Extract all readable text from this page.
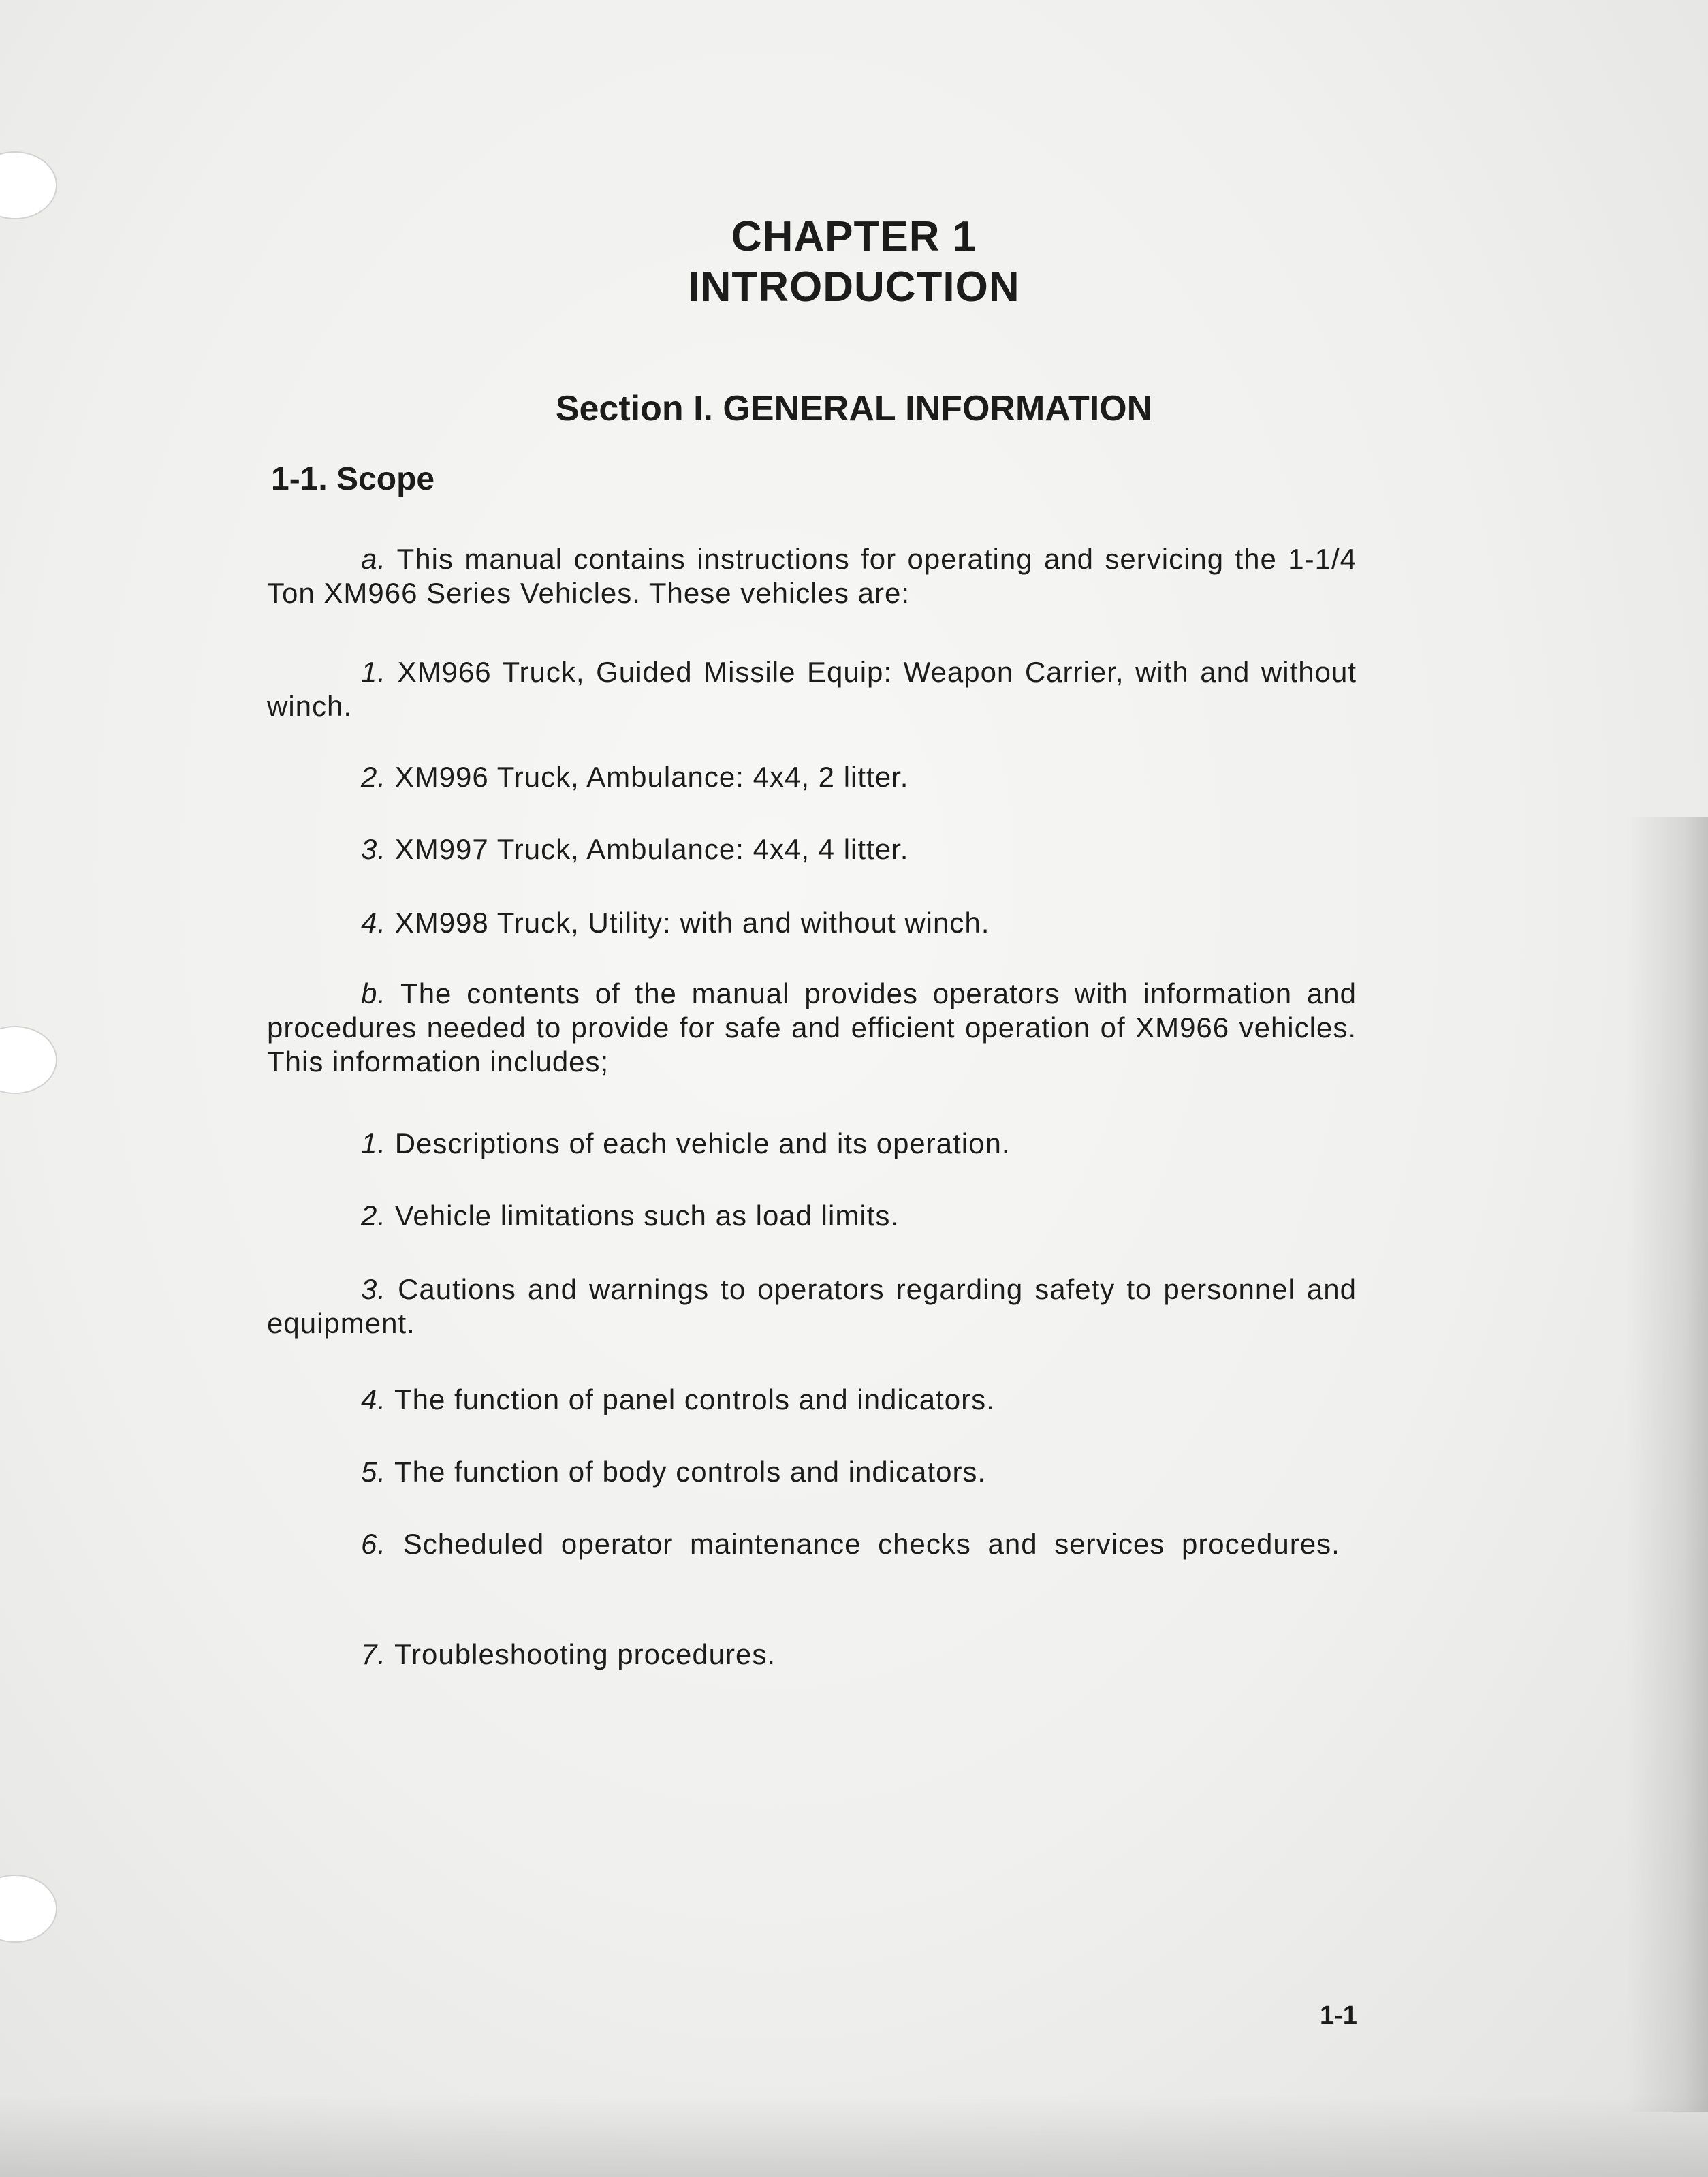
CHAPTER 1
INTRODUCTION
Section I. GENERAL INFORMATION
1-1. Scope
a. This manual contains instructions for operating and servicing the 1-1/4 Ton XM966 Series Vehicles. These vehicles are:
1. XM966 Truck, Guided Missile Equip: Weapon Carrier, with and without winch.
2. XM996 Truck, Ambulance: 4x4, 2 litter.
3. XM997 Truck, Ambulance: 4x4, 4 litter.
4. XM998 Truck, Utility: with and without winch.
b. The contents of the manual provides operators with information and procedures needed to provide for safe and efficient operation of XM966 vehicles. This information includes;
1. Descriptions of each vehicle and its operation.
2. Vehicle limitations such as load limits.
3. Cautions and warnings to operators regarding safety to personnel and equipment.
4. The function of panel controls and indicators.
5. The function of body controls and indicators.
6. Scheduled operator maintenance checks and services procedures.
7. Troubleshooting procedures.
1-1
